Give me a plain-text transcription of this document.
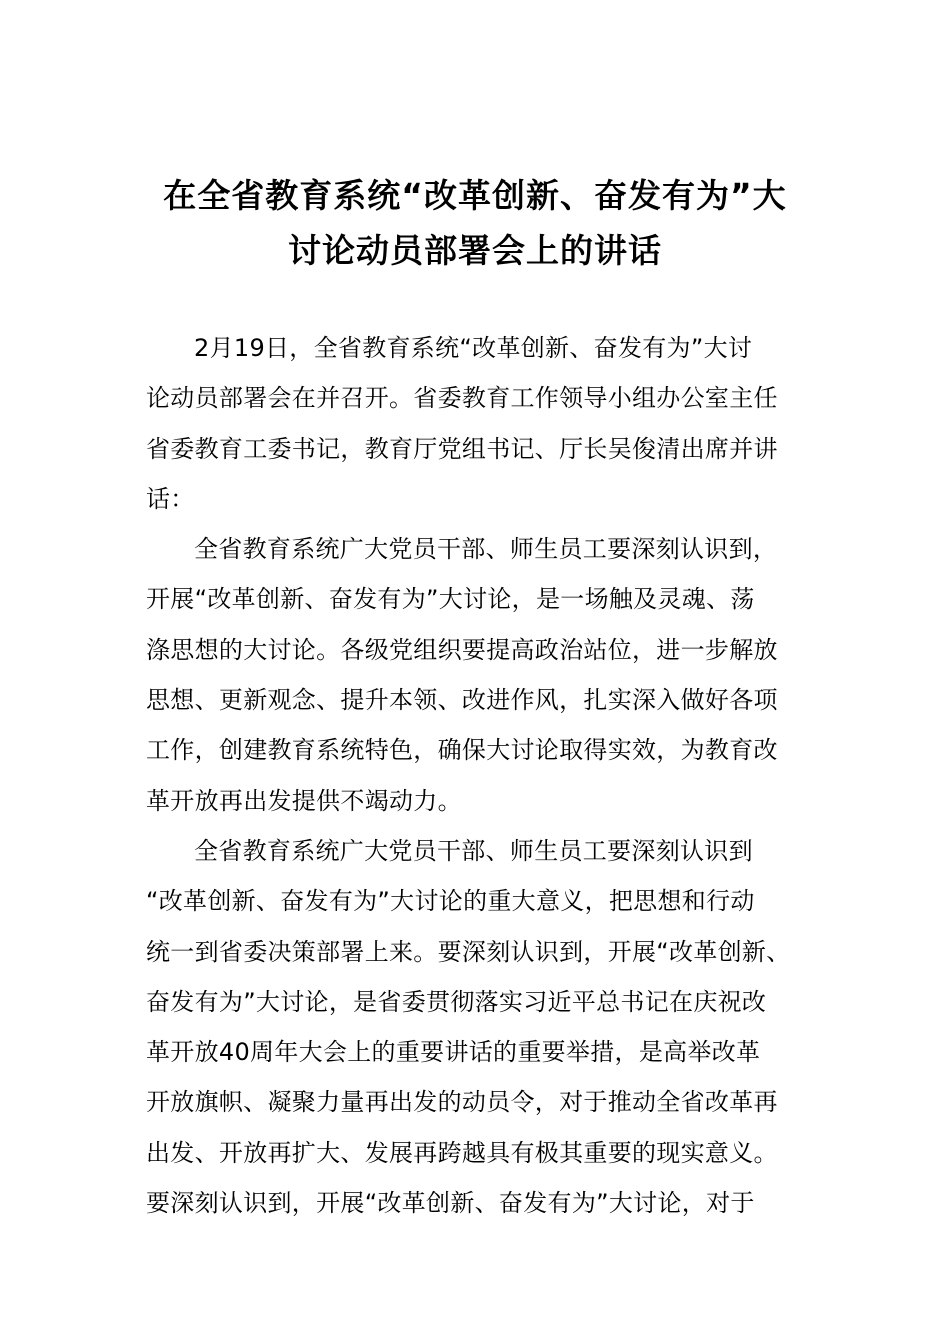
在全省教育系统“改革创新、奋发有为”大
讨论动员部署会上的讲话
2月19日，全省教育系统“改革创新、奋发有为”大讨
论动员部署会在并召开。省委教育工作领导小组办公室主任
省委教育工委书记，教育厅党组书记、厅长吴俊清出席并讲
话：
全省教育系统广大党员干部、师生员工要深刻认识到，
开展“改革创新、奋发有为”大讨论，是一场触及灵魂、荡
涤思想的大讨论。各级党组织要提高政治站位，进一步解放
思想、更新观念、提升本领、改进作风，扎实深入做好各项
工作，创建教育系统特色，确保大讨论取得实效，为教育改
革开放再出发提供不竭动力。
全省教育系统广大党员干部、师生员工要深刻认识到
“改革创新、奋发有为”大讨论的重大意义，把思想和行动
统一到省委决策部署上来。要深刻认识到，开展“改革创新、
奋发有为”大讨论，是省委贯彻落实习近平总书记在庆祝改
革开放40周年大会上的重要讲话的重要举措，是高举改革
开放旗帜、凝聚力量再出发的动员令，对于推动全省改革再
出发、开放再扩大、发展再跨越具有极其重要的现实意义。
要深刻认识到，开展“改革创新、奋发有为”大讨论，对于
